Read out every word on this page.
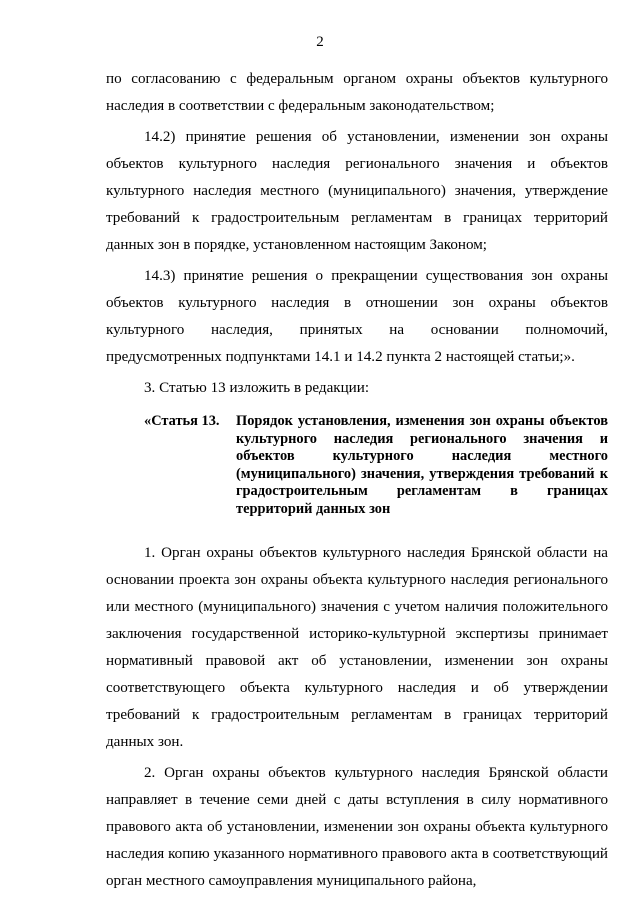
2

по согласованию с федеральным органом охраны объектов культурного наследия в соответствии с федеральным законодательством;

14.2) принятие решения об установлении, изменении зон охраны объектов культурного наследия регионального значения и объектов культурного наследия местного (муниципального) значения, утверждение требований к градостроительным регламентам в границах территорий данных зон в порядке, установленном настоящим Законом;

14.3) принятие решения о прекращении существования зон охраны объектов культурного наследия в отношении зон охраны объектов культурного наследия, принятых на основании полномочий, предусмотренных подпунктами 14.1 и 14.2 пункта 2 настоящей статьи;».

3. Статью 13 изложить в редакции:

«Статья 13.	Порядок установления, изменения зон охраны объектов культурного наследия регионального значения и объектов культурного наследия местного (муниципального) значения, утверждения требований к градостроительным регламентам в границах территорий данных зон

1. Орган охраны объектов культурного наследия Брянской области на основании проекта зон охраны объекта культурного наследия регионального или местного (муниципального) значения с учетом наличия положительного заключения государственной историко-культурной экспертизы принимает нормативный правовой акт об установлении, изменении зон охраны соответствующего объекта культурного наследия и об утверждении требований к градостроительным регламентам в границах территорий данных зон.

2. Орган охраны объектов культурного наследия Брянской области направляет в течение семи дней с даты вступления в силу нормативного правового акта об установлении, изменении зон охраны объекта культурного наследия копию указанного нормативного правового акта в соответствующий орган местного самоуправления муниципального района,
